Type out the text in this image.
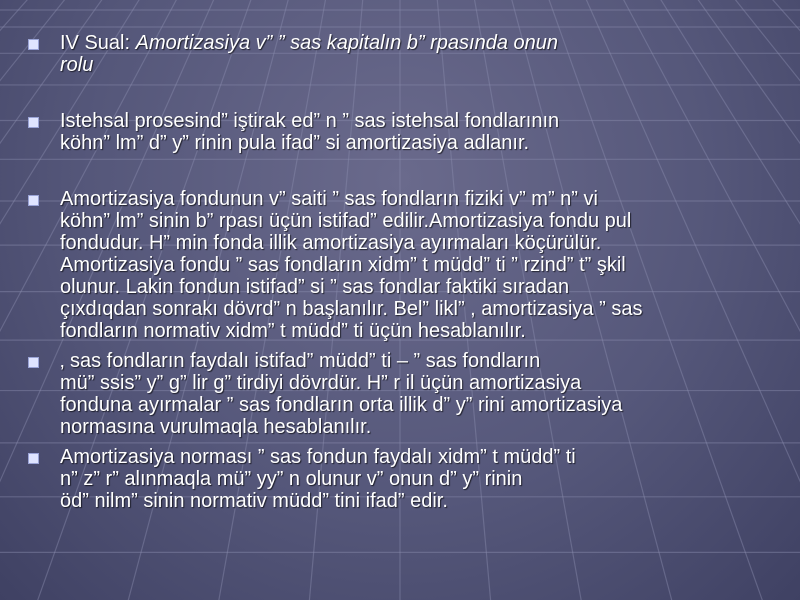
IV Sual: Amortizasiya v” ” sas kapitalın b” rpasında onun
rolu
Istehsal prosesind” iştirak ed” n ” sas istehsal fondlarının
köhn” lm” d” y” rinin pula ifad” si amortizasiya adlanır.
Amortizasiya fondunun v” saiti ” sas fondların fiziki v” m” n” vi
köhn” lm” sinin b” rpası üçün istifad” edilir.Amortizasiya fondu pul
fondudur. H” min fonda illik amortizasiya ayırmaları köçürülür.
Amortizasiya fondu ” sas fondların xidm” t müdd” ti ” rzind” t” şkil
olunur. Lakin fondun istifad” si ” sas fondlar faktiki sıradan
çıxdıqdan sonrakı dövrd” n başlanılır. Bel” likl” , amortizasiya ” sas
fondların normativ xidm” t müdd” ti üçün hesablanılır.
‚ sas fondların faydalı istifad” müdd” ti – ” sas fondların
mü” ssis” y” g” lir g” tirdiyi dövrdür. H” r il üçün amortizasiya
fonduna ayırmalar ” sas fondların orta illik d” y” rini amortizasiya
normasına vurulmaqla hesablanılır.
Amortizasiya norması ” sas fondun faydalı xidm” t müdd” ti
n” z” r” alınmaqla mü” yy” n olunur v” onun d” y” rinin
öd” nilm” sinin normativ müdd” tini ifad” edir.
